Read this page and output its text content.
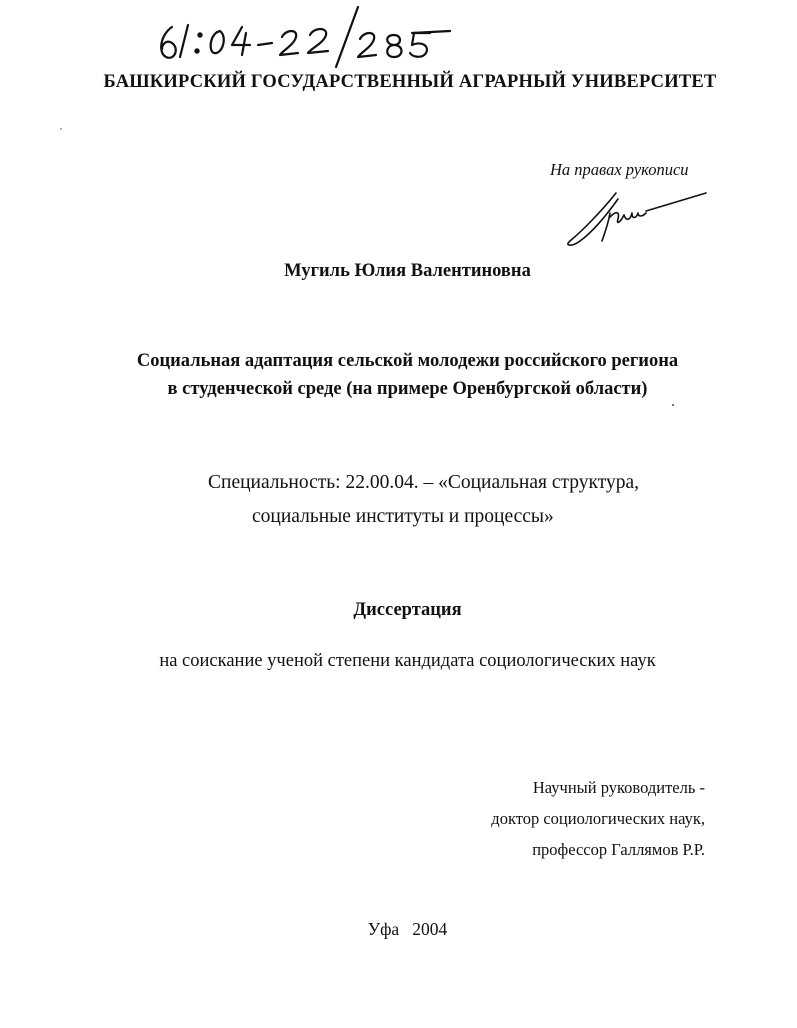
БАШКИРСКИЙ ГОСУДАРСТВЕННЫЙ АГРАРНЫЙ УНИВЕРСИТЕТ
На правах рукописи
Мугиль Юлия Валентиновна
Социальная адаптация сельской молодежи российского региона
в студенческой среде (на примере Оренбургской области)
Специальность: 22.00.04. – «Социальная структура,
социальные институты и процессы»
Диссертация
на соискание ученой степени кандидата социологических наук
Научный руководитель -
доктор социологических наук,
профессор Галлямов Р.Р.
Уфа   2004
